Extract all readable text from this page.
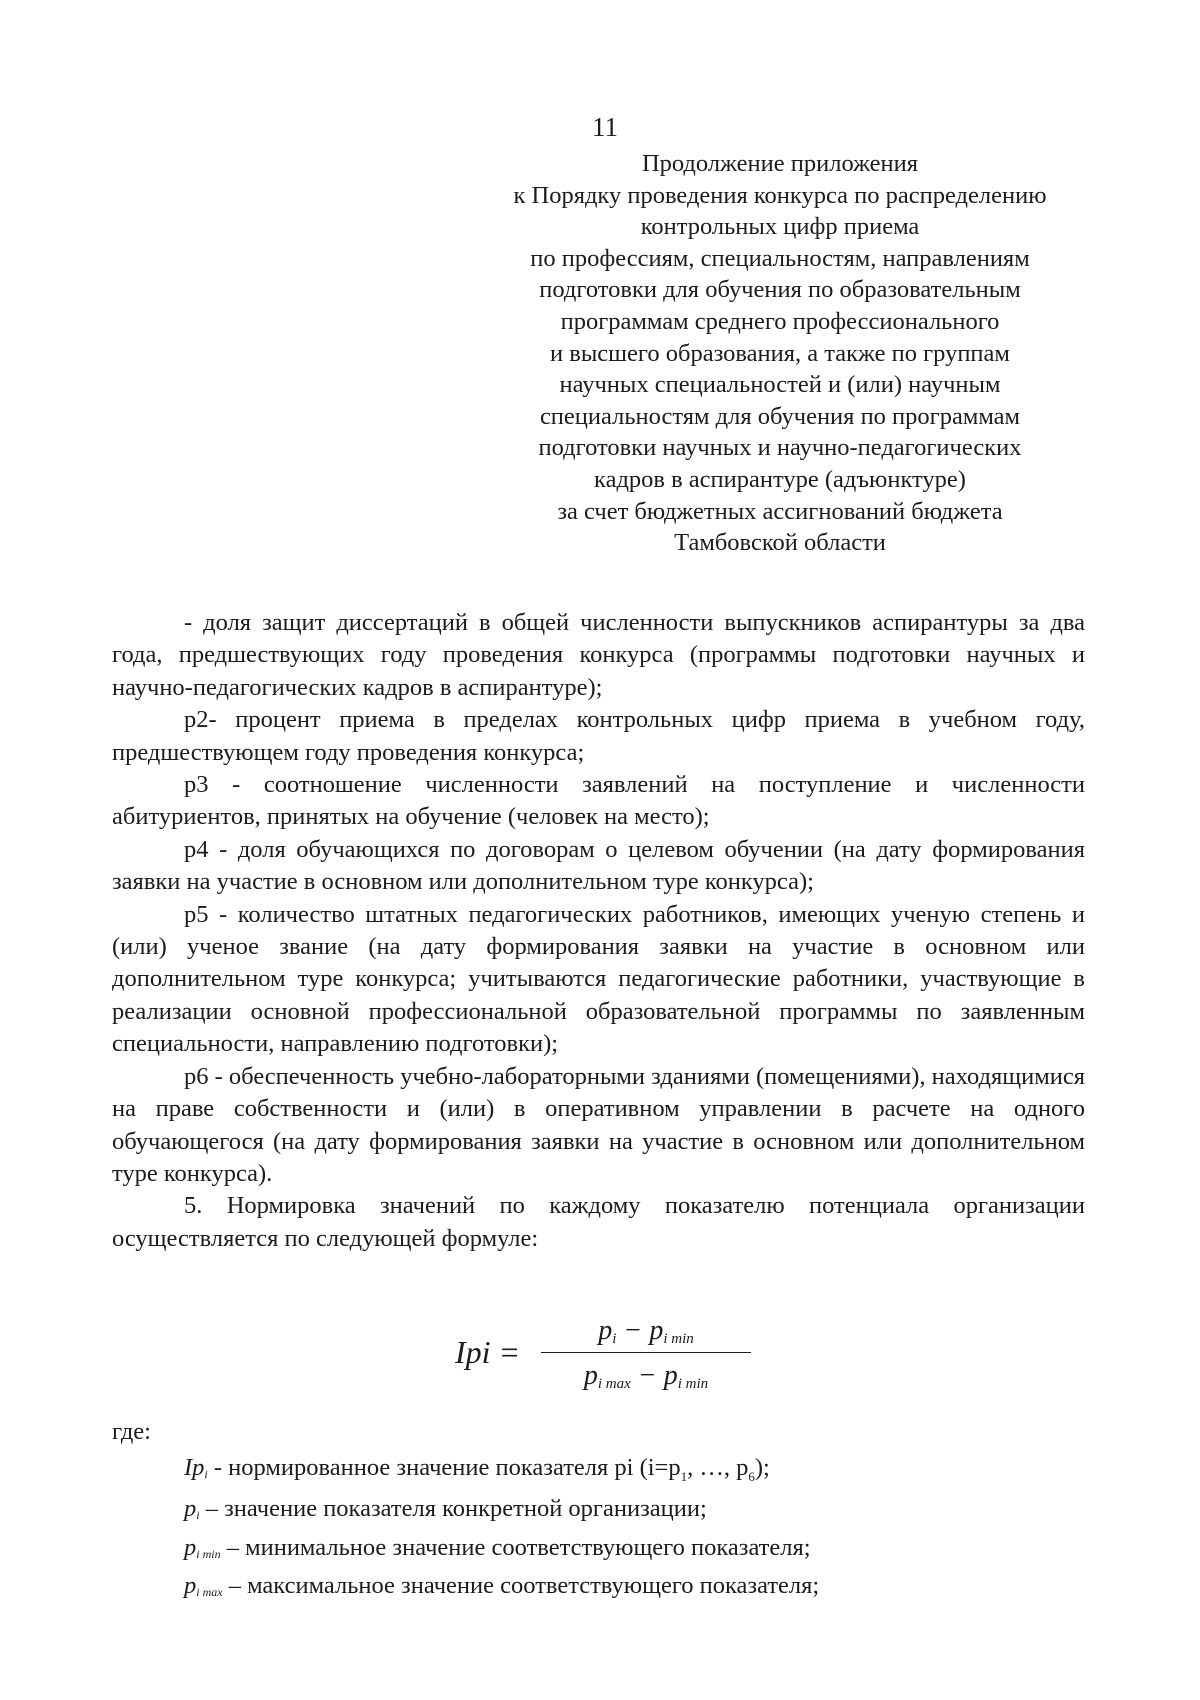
11
Продолжение приложения
к Порядку проведения конкурса по распределению
контрольных цифр приема
по профессиям, специальностям, направлениям
подготовки для обучения по образовательным
программам среднего профессионального
и высшего образования, а также по группам
научных специальностей и (или) научным
специальностям для обучения по программам
подготовки научных и научно-педагогических
кадров в аспирантуре (адъюнктуре)
за счет бюджетных ассигнований бюджета
Тамбовской области

- доля защит диссертаций в общей численности выпускников аспирантуры за два года, предшествующих году проведения конкурса (программы подготовки научных и научно-педагогических кадров в аспирантуре);

p2- процент приема в пределах контрольных цифр приема в учебном году, предшествующем году проведения конкурса;

p3 - соотношение численности заявлений на поступление и численности абитуриентов, принятых на обучение (человек на место);

p4 - доля обучающихся по договорам о целевом обучении (на дату формирования заявки на участие в основном или дополнительном туре конкурса);

p5 - количество штатных педагогических работников, имеющих ученую степень и (или) ученое звание (на дату формирования заявки на участие в основном или дополнительном туре конкурса; учитываются педагогические работники, участвующие в реализации основной профессиональной образовательной программы по заявленным специальности, направлению подготовки);

p6 - обеспеченность учебно-лабораторными зданиями (помещениями), находящимися на праве собственности и (или) в оперативном управлении в расчете на одного обучающегося (на дату формирования заявки на участие в основном или дополнительном туре конкурса).

5. Нормировка значений по каждому показателю потенциала организации осуществляется по следующей формуле:

Ipi =
$p_i - p_{i min}$
$p_{i max} - p_{i min}$
где:
$Ip_i$ - нормированное значение показателя pi ($i=p_1$, …, $p_6$);
$p_i$ – значение показателя конкретной организации;
$p_{i min}$ – минимальное значение соответствующего показателя;
$p_{i max}$ – максимальное значение соответствующего показателя;
